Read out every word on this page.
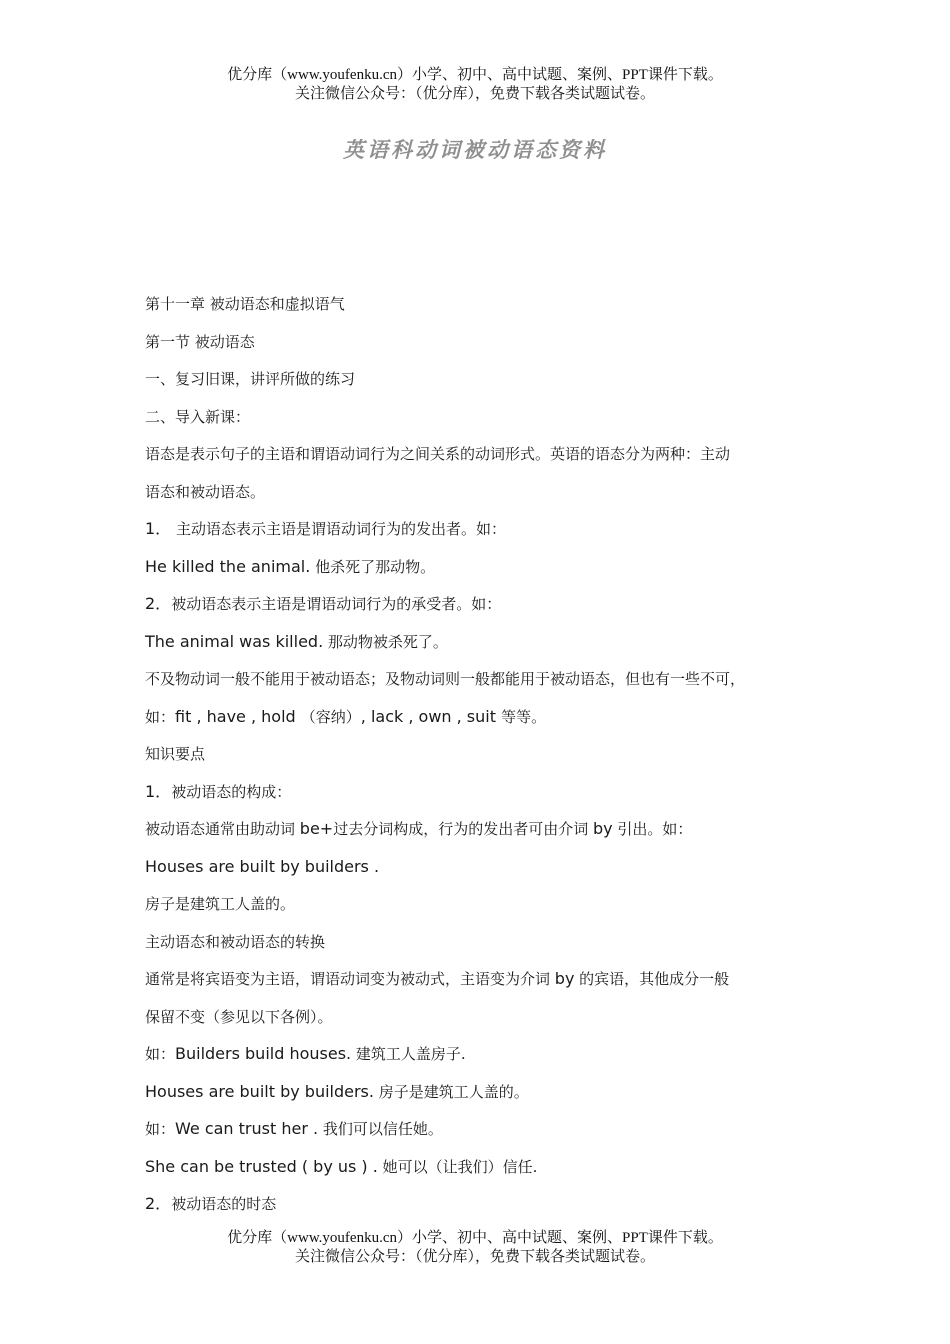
优分库（www.youfenku.cn）小学、初中、高中试题、案例、PPT课件下载。
关注微信公众号：（优分库），免费下载各类试题试卷。
英语科动词被动语态资料
第十一章 被动语态和虚拟语气
第一节 被动语态
一、复习旧课，讲评所做的练习
二、导入新课：
语态是表示句子的主语和谓语动词行为之间关系的动词形式。英语的语态分为两种：主动
语态和被动语态。
1． 主动语态表示主语是谓语动词行为的发出者。如：
He killed the animal. 他杀死了那动物。
2．被动语态表示主语是谓语动词行为的承受者。如：
The animal was killed. 那动物被杀死了。
不及物动词一般不能用于被动语态；及物动词则一般都能用于被动语态，但也有一些不可，
如：fit , have , hold （容纳）, lack , own , suit 等等。
知识要点
1．被动语态的构成：
被动语态通常由助动词 be+过去分词构成，行为的发出者可由介词 by 引出。如：
Houses are built by builders .
房子是建筑工人盖的。
主动语态和被动语态的转换
通常是将宾语变为主语，谓语动词变为被动式，主语变为介词 by 的宾语，其他成分一般
保留不变（参见以下各例）。
如：Builders build houses. 建筑工人盖房子.
Houses are built by builders. 房子是建筑工人盖的。
如：We can trust her . 我们可以信任她。
She can be trusted ( by us ) . 她可以（让我们）信任.
2．被动语态的时态
优分库（www.youfenku.cn）小学、初中、高中试题、案例、PPT课件下载。
关注微信公众号：（优分库），免费下载各类试题试卷。
